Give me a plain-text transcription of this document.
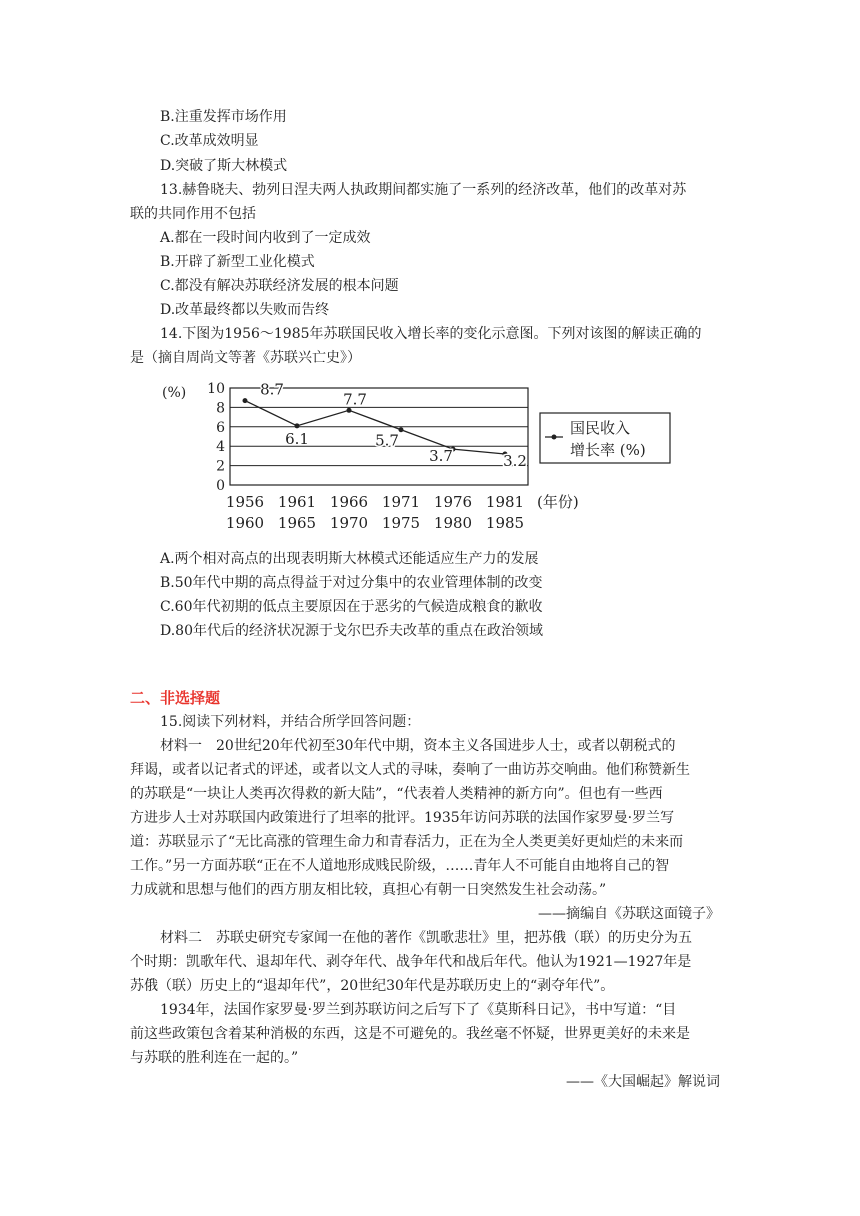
B.注重发挥市场作用
C.改革成效明显
D.突破了斯大林模式
13.赫鲁晓夫、勃列日涅夫两人执政期间都实施了一系列的经济改革，他们的改革对苏
联的共同作用不包括
A.都在一段时间内收到了一定成效
B.开辟了新型工业化模式
C.都没有解决苏联经济发展的根本问题
D.改革最终都以失败而告终
14.下图为1956～1985年苏联国民收入增长率的变化示意图。下列对该图的解读正确的
是（摘自周尚文等著《苏联兴亡史》）
0
2
4
6
8
10
(%)
1956
1960
1961
1965
1966
1970
1971
1975
1976
1980
1981
1985
(年份)
8.7
6.1
7.7
5.7
3.7	3.2
国民收入
增长率 (%)
A.两个相对高点的出现表明斯大林模式还能适应生产力的发展
B.50年代中期的高点得益于对过分集中的农业管理体制的改变
C.60年代初期的低点主要原因在于恶劣的气候造成粮食的歉收
D.80年代后的经济状况源于戈尔巴乔夫改革的重点在政治领域
二、非选择题
15.阅读下列材料，并结合所学回答问题：
材料一　20世纪20年代初至30年代中期，资本主义各国进步人士，或者以朝税式的
拜谒，或者以记者式的评述，或者以文人式的寻味，奏响了一曲访苏交响曲。他们称赞新生
的苏联是“一块让人类再次得救的新大陆”，“代表着人类精神的新方向”。但也有一些西
方进步人士对苏联国内政策进行了坦率的批评。1935年访问苏联的法国作家罗曼·罗兰写
道：苏联显示了“无比高涨的管理生命力和青春活力，正在为全人类更美好更灿烂的未来而
工作。”另一方面苏联“正在不人道地形成贱民阶级，……青年人不可能自由地将自己的智
力成就和思想与他们的西方朋友相比较，真担心有朝一日突然发生社会动荡。”
——摘编自《苏联这面镜子》
材料二　苏联史研究专家闻一在他的著作《凯歌悲壮》里，把苏俄（联）的历史分为五
个时期：凯歌年代、退却年代、剥夺年代、战争年代和战后年代。他认为1921—1927年是
苏俄（联）历史上的“退却年代”，20世纪30年代是苏联历史上的“剥夺年代”。
1934年，法国作家罗曼·罗兰到苏联访问之后写下了《莫斯科日记》，书中写道：“目
前这些政策包含着某种消极的东西，这是不可避免的。我丝毫不怀疑，世界更美好的未来是
与苏联的胜利连在一起的。”
——《大国崛起》解说词
